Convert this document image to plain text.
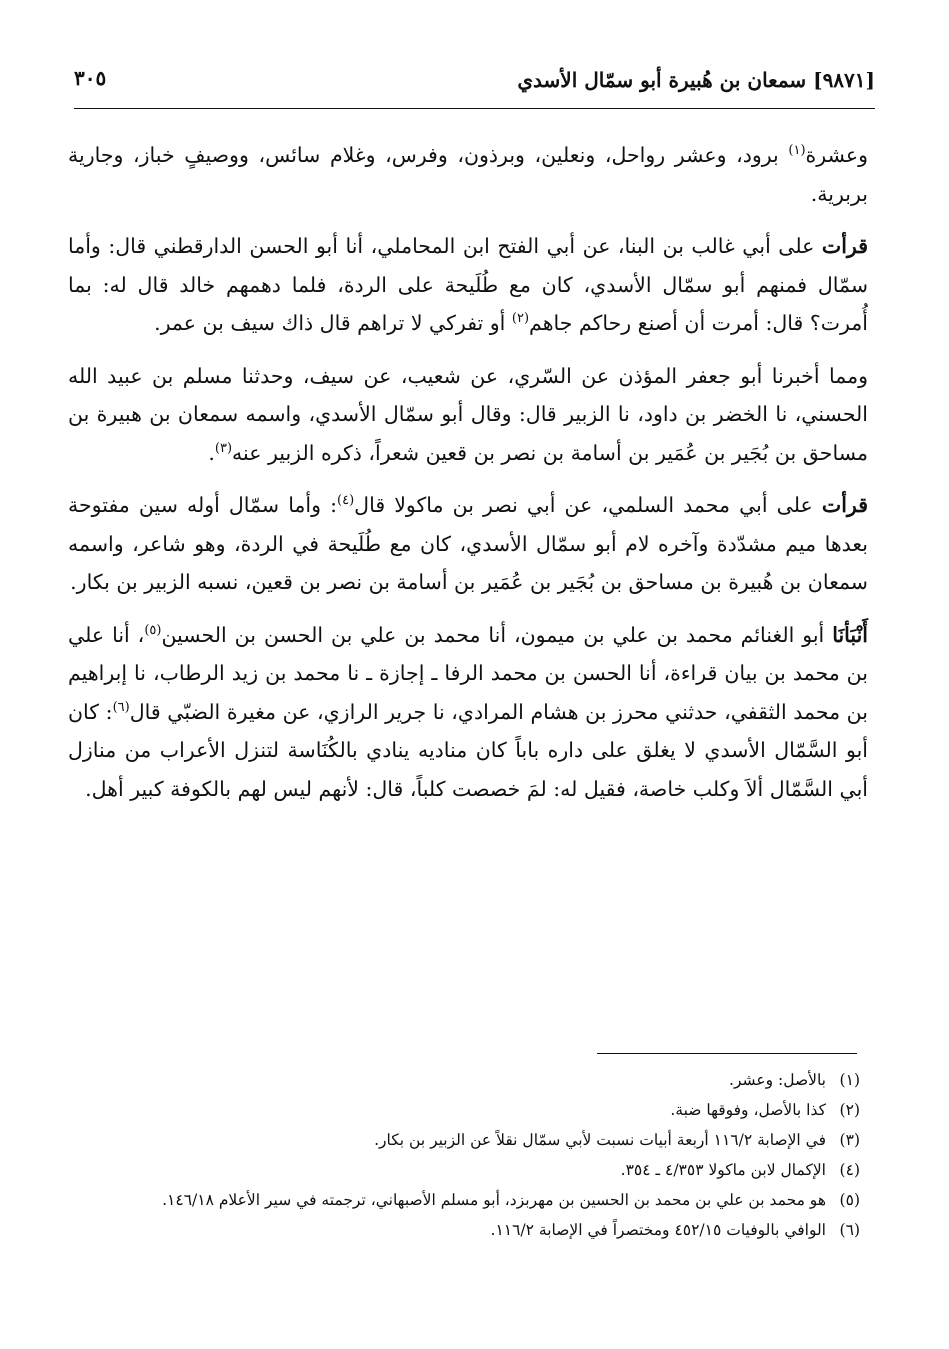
[٩٨٧١] سمعان بن هُبيرة أبو سمّال الأسدي
٣٠٥

وعشرة$^{(١)}$ برود، وعشر رواحل، ونعلين، وبرذون، وفرس، وغلام سائس، ووصيفٍ خباز، وجارية بربرية.

قرأت على أبي غالب بن البنا، عن أبي الفتح ابن المحاملي، أنا أبو الحسن الدارقطني قال: وأما سمّال فمنهم أبو سمّال الأسدي، كان مع طُلَيحة على الردة، فلما دهمهم خالد قال له: بما أُمرت؟ قال: أمرت أن أصنع رحاكم جاهم$^{(٢)}$ أو تفركي لا تراهم قال ذاك سيف بن عمر.

ومما أخبرنا أبو جعفر المؤذن عن السّري، عن شعيب، عن سيف، وحدثنا مسلم بن عبيد الله الحسني، نا الخضر بن داود، نا الزبير قال: وقال أبو سمّال الأسدي، واسمه سمعان بن هبيرة بن مساحق بن بُجَير بن عُمَير بن أسامة بن نصر بن قعين شعراً، ذكره الزبير عنه$^{(٣)}$.

قرأت على أبي محمد السلمي، عن أبي نصر بن ماكولا قال$^{(٤)}$: وأما سمّال أوله سين مفتوحة بعدها ميم مشدّدة وآخره لام أبو سمّال الأسدي، كان مع طُلَيحة في الردة، وهو شاعر، واسمه سمعان بن هُبيرة بن مساحق بن بُجَير بن عُمَير بن أسامة بن نصر بن قعين، نسبه الزبير بن بكار.

أَنْبَأنَا أبو الغنائم محمد بن علي بن ميمون، أنا محمد بن علي بن الحسن بن الحسين$^{(٥)}$، أنا علي بن محمد بن بيان قراءة، أنا الحسن بن محمد الرفا ـ إجازة ـ نا محمد بن زيد الرطاب، نا إبراهيم بن محمد الثقفي، حدثني محرز بن هشام المرادي، نا جرير الرازي، عن مغيرة الضبّي قال$^{(٦)}$: كان أبو السَّمّال الأسدي لا يغلق على داره باباً كان مناديه ينادي بالكُنَاسة لتنزل الأعراب من منازل أبي السَّمّال ألاَ وكلب خاصة، فقيل له: لمَ خصصت كلباً، قال: لأنهم ليس لهم بالكوفة كبير أهل.

(١)بالأصل: وعشر.
(٢)كذا بالأصل، وفوقها ضبة.
(٣)في الإصابة ١١٦/٢ أربعة أبيات نسبت لأبي سمّال نقلاً عن الزبير بن بكار.
(٤)الإكمال لابن ماكولا ٤/٣٥٣ ـ ٣٥٤.
(٥)هو محمد بن علي بن محمد بن الحسين بن مهربزد، أبو مسلم الأصبهاني، ترجمته في سير الأعلام ١٤٦/١٨.
(٦)الوافي بالوفيات ٤٥٢/١٥ ومختصراً في الإصابة ١١٦/٢.
